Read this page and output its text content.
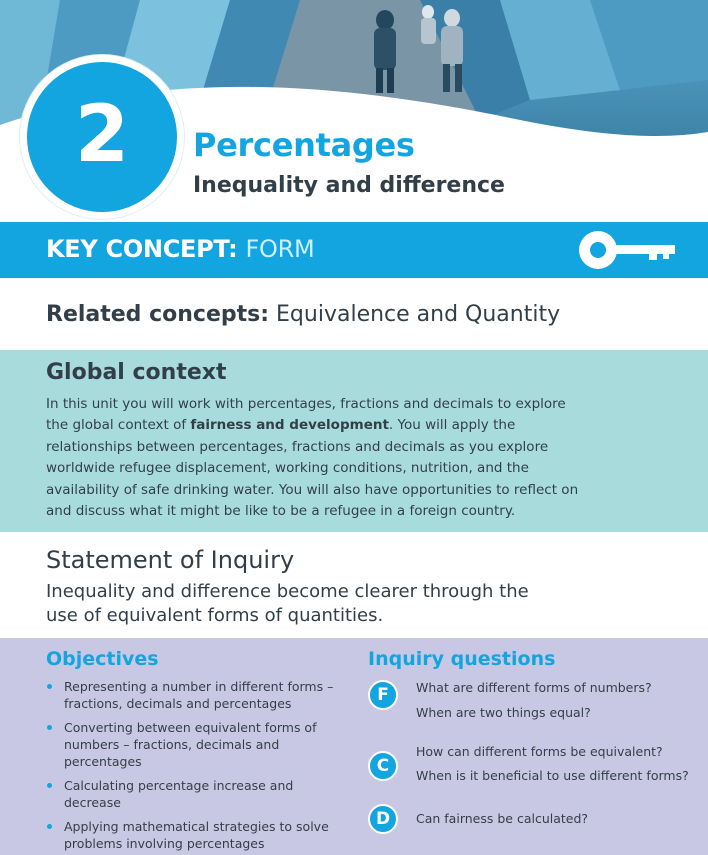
2 Percentages
Inequality and difference
KEY CONCEPT: FORM
Related concepts: Equivalence and Quantity
Global context

In this unit you will work with percentages, fractions and decimals to explore the global context of fairness and development. You will apply the relationships between percentages, fractions and decimals as you explore worldwide refugee displacement, working conditions, nutrition, and the availability of safe drinking water. You will also have opportunities to reflect on and discuss what it might be like to be a refugee in a foreign country.

Statement of Inquiry
Inequality and difference become clearer through the use of equivalent forms of quantities.
Objectives
Representing a number in different forms – fractions, decimals and percentages
Converting between equivalent forms of numbers – fractions, decimals and percentages
Calculating percentage increase and decrease
Applying mathematical strategies to solve problems involving percentages
Inquiry questions
F	What are different forms of numbers?
When are two things equal?
C
How can different forms be equivalent?
When is it beneficial to use different forms?
D	Can fairness be calculated?
